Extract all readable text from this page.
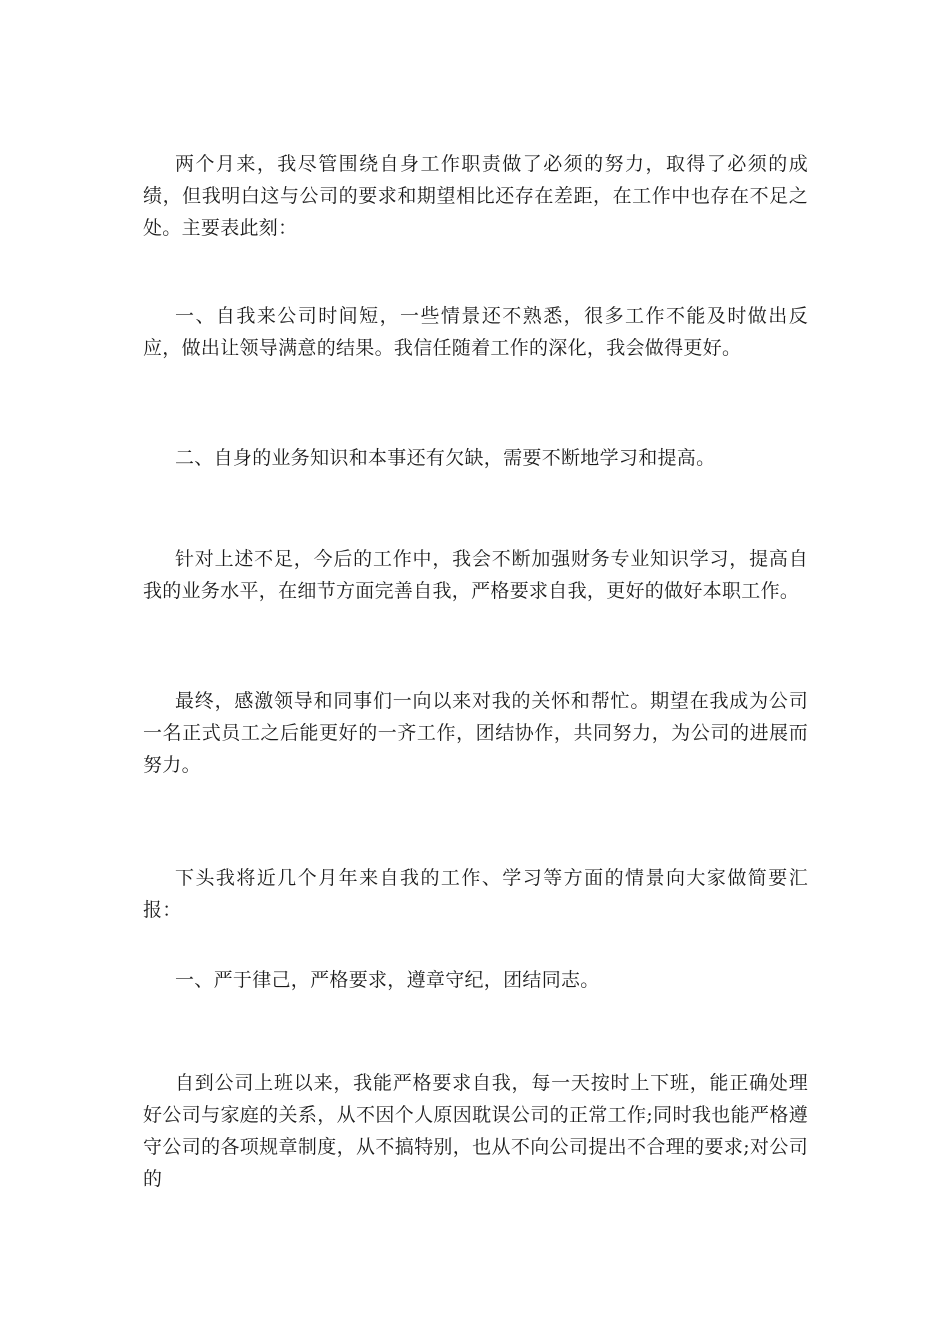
两个月来，我尽管围绕自身工作职责做了必须的努力，取得了必须的成绩，但我明白这与公司的要求和期望相比还存在差距，在工作中也存在不足之处。主要表此刻：

一、自我来公司时间短，一些情景还不熟悉，很多工作不能及时做出反应，做出让领导满意的结果。我信任随着工作的深化，我会做得更好。

二、自身的业务知识和本事还有欠缺，需要不断地学习和提高。

针对上述不足，今后的工作中，我会不断加强财务专业知识学习，提高自我的业务水平，在细节方面完善自我，严格要求自我，更好的做好本职工作。

最终，感激领导和同事们一向以来对我的关怀和帮忙。期望在我成为公司一名正式员工之后能更好的一齐工作，团结协作，共同努力，为公司的进展而努力。

下头我将近几个月年来自我的工作、学习等方面的情景向大家做简要汇报：

一、严于律己，严格要求，遵章守纪，团结同志。

自到公司上班以来，我能严格要求自我，每一天按时上下班，能正确处理好公司与家庭的关系，从不因个人原因耽误公司的正常工作;同时我也能严格遵守公司的各项规章制度，从不搞特别，也从不向公司提出不合理的要求;对公司的
